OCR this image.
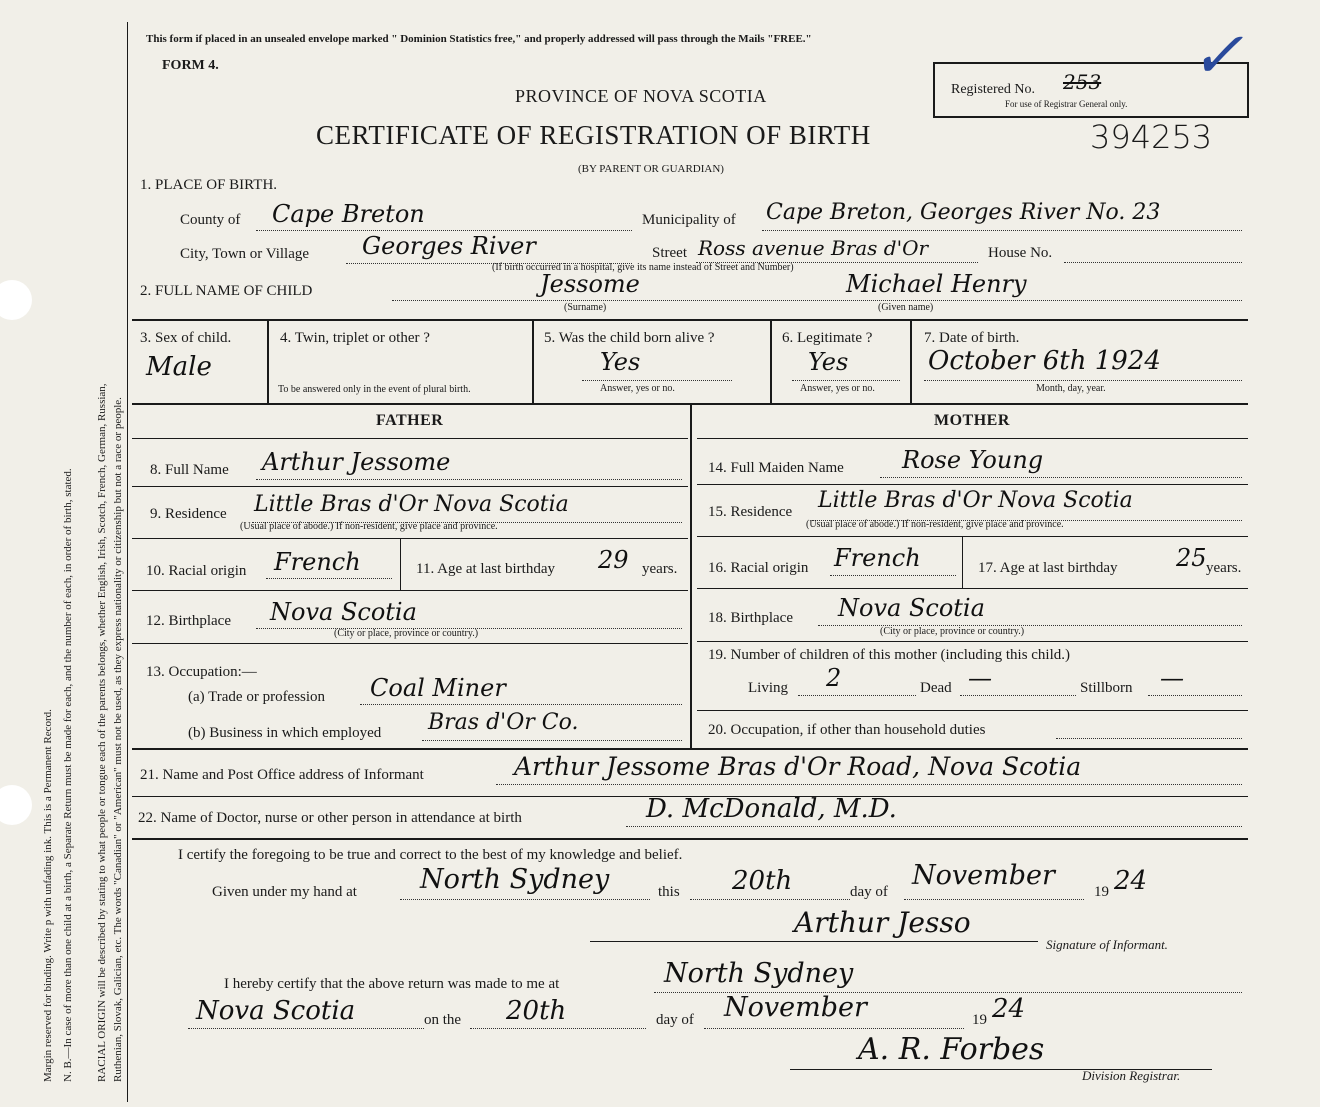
Margin reserved for binding. Write p with unfading ink. This is a Permanent Record. N. B.—In case of more than one child at a birth, a Separate Return must be made for each, and the number of each, in order of birth, stated. RACIAL ORIGIN will be described by stating to what people or tongue each of the parents belongs, whether English, Irish, Scotch, French, German, Russian, Ruthenian, Slovak, Galician, etc. The words "Canadian" or "American" must not be used, as they express nationality or citizenship but not a race or people.
This form if placed in an unsealed envelope marked " Dominion Statistics free," and properly addressed will pass through the Mails "FREE."
FORM 4.
PROVINCE OF NOVA SCOTIA	Registered No. 253
For use of Registrar General only.
✓
CERTIFICATE OF REGISTRATION OF BIRTH	394253
(BY PARENT OR GUARDIAN)
1. PLACE OF BIRTH.
County of Cape Breton	Municipality of Cape Breton, Georges River No. 23
City, Town or Village Georges River	Street Ross avenue Bras d'Or	House No.
(If birth occurred in a hospital, give its name instead of Street and Number)
2. FULL NAME OF CHILD	Jessome
(Surname)
Michael Henry
(Given name)
3. Sex of child.
Male
4. Twin, triplet or other ?
To be answered only in the event of plural birth.
5. Was the child born alive ?
Yes
Answer, yes or no.
6. Legitimate ?
Yes
Answer, yes or no.
7. Date of birth.
October 6th 1924
Month, day, year.
FATHER	MOTHER
8. Full Name Arthur Jessome
9. Residence Little Bras d'Or Nova Scotia
(Usual place of abode.) If non-resident, give place and province.
10. Racial origin French	11. Age at last birthday 29 years.
12. Birthplace Nova Scotia
(City or place, province or country.)
13. Occupation:—
(a) Trade or profession Coal Miner
(b) Business in which employed Bras d'Or Co.
14. Full Maiden Name Rose Young
15. Residence Little Bras d'Or Nova Scotia
(Usual place of abode.) If non-resident, give place and province.
16. Racial origin French	17. Age at last birthday 25 years.
18. Birthplace Nova Scotia
(City or place, province or country.)
19. Number of children of this mother (including this child.)
Living 2	Dead —	Stillborn —
20. Occupation, if other than household duties
21. Name and Post Office address of Informant	Arthur Jessome Bras d'Or Road, Nova Scotia
22. Name of Doctor, nurse or other person in attendance at birth	D. McDonald, M.D.
I certify the foregoing to be true and correct to the best of my knowledge and belief.
Given under my hand at North Sydney	this 20th	day of
November
19 24
Arthur Jesso
Signature of Informant.
I hereby certify that the above return was made to me at	North Sydney
Nova Scotia	on the 20th	day of November	19 24
A. R. Forbes
Division Registrar.
